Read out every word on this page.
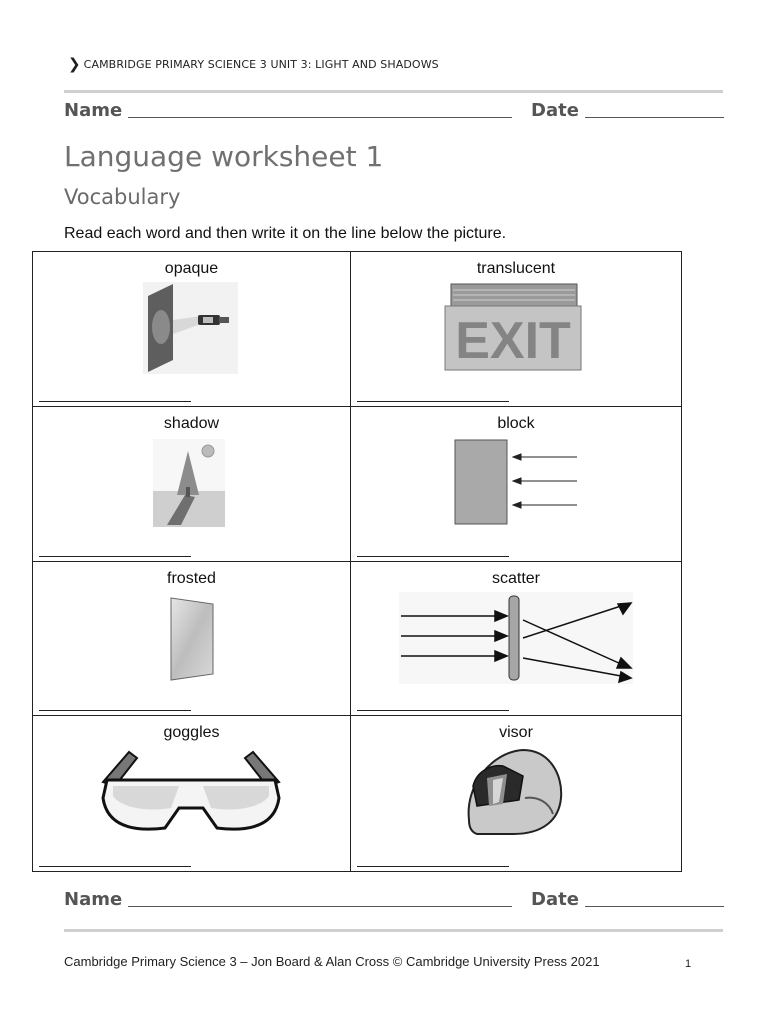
❯ CAMBRIDGE PRIMARY SCIENCE 3 UNIT 3: LIGHT AND SHADOWS
Name	Date
Language worksheet 1
Vocabulary
Read each word and then write it on the line below the picture.
opaque	translucent
EXIT
shadow	block
frosted	scatter
goggles	visor
Name	Date
Cambridge Primary Science 3 – Jon Board & Alan Cross © Cambridge University Press 2021	1
